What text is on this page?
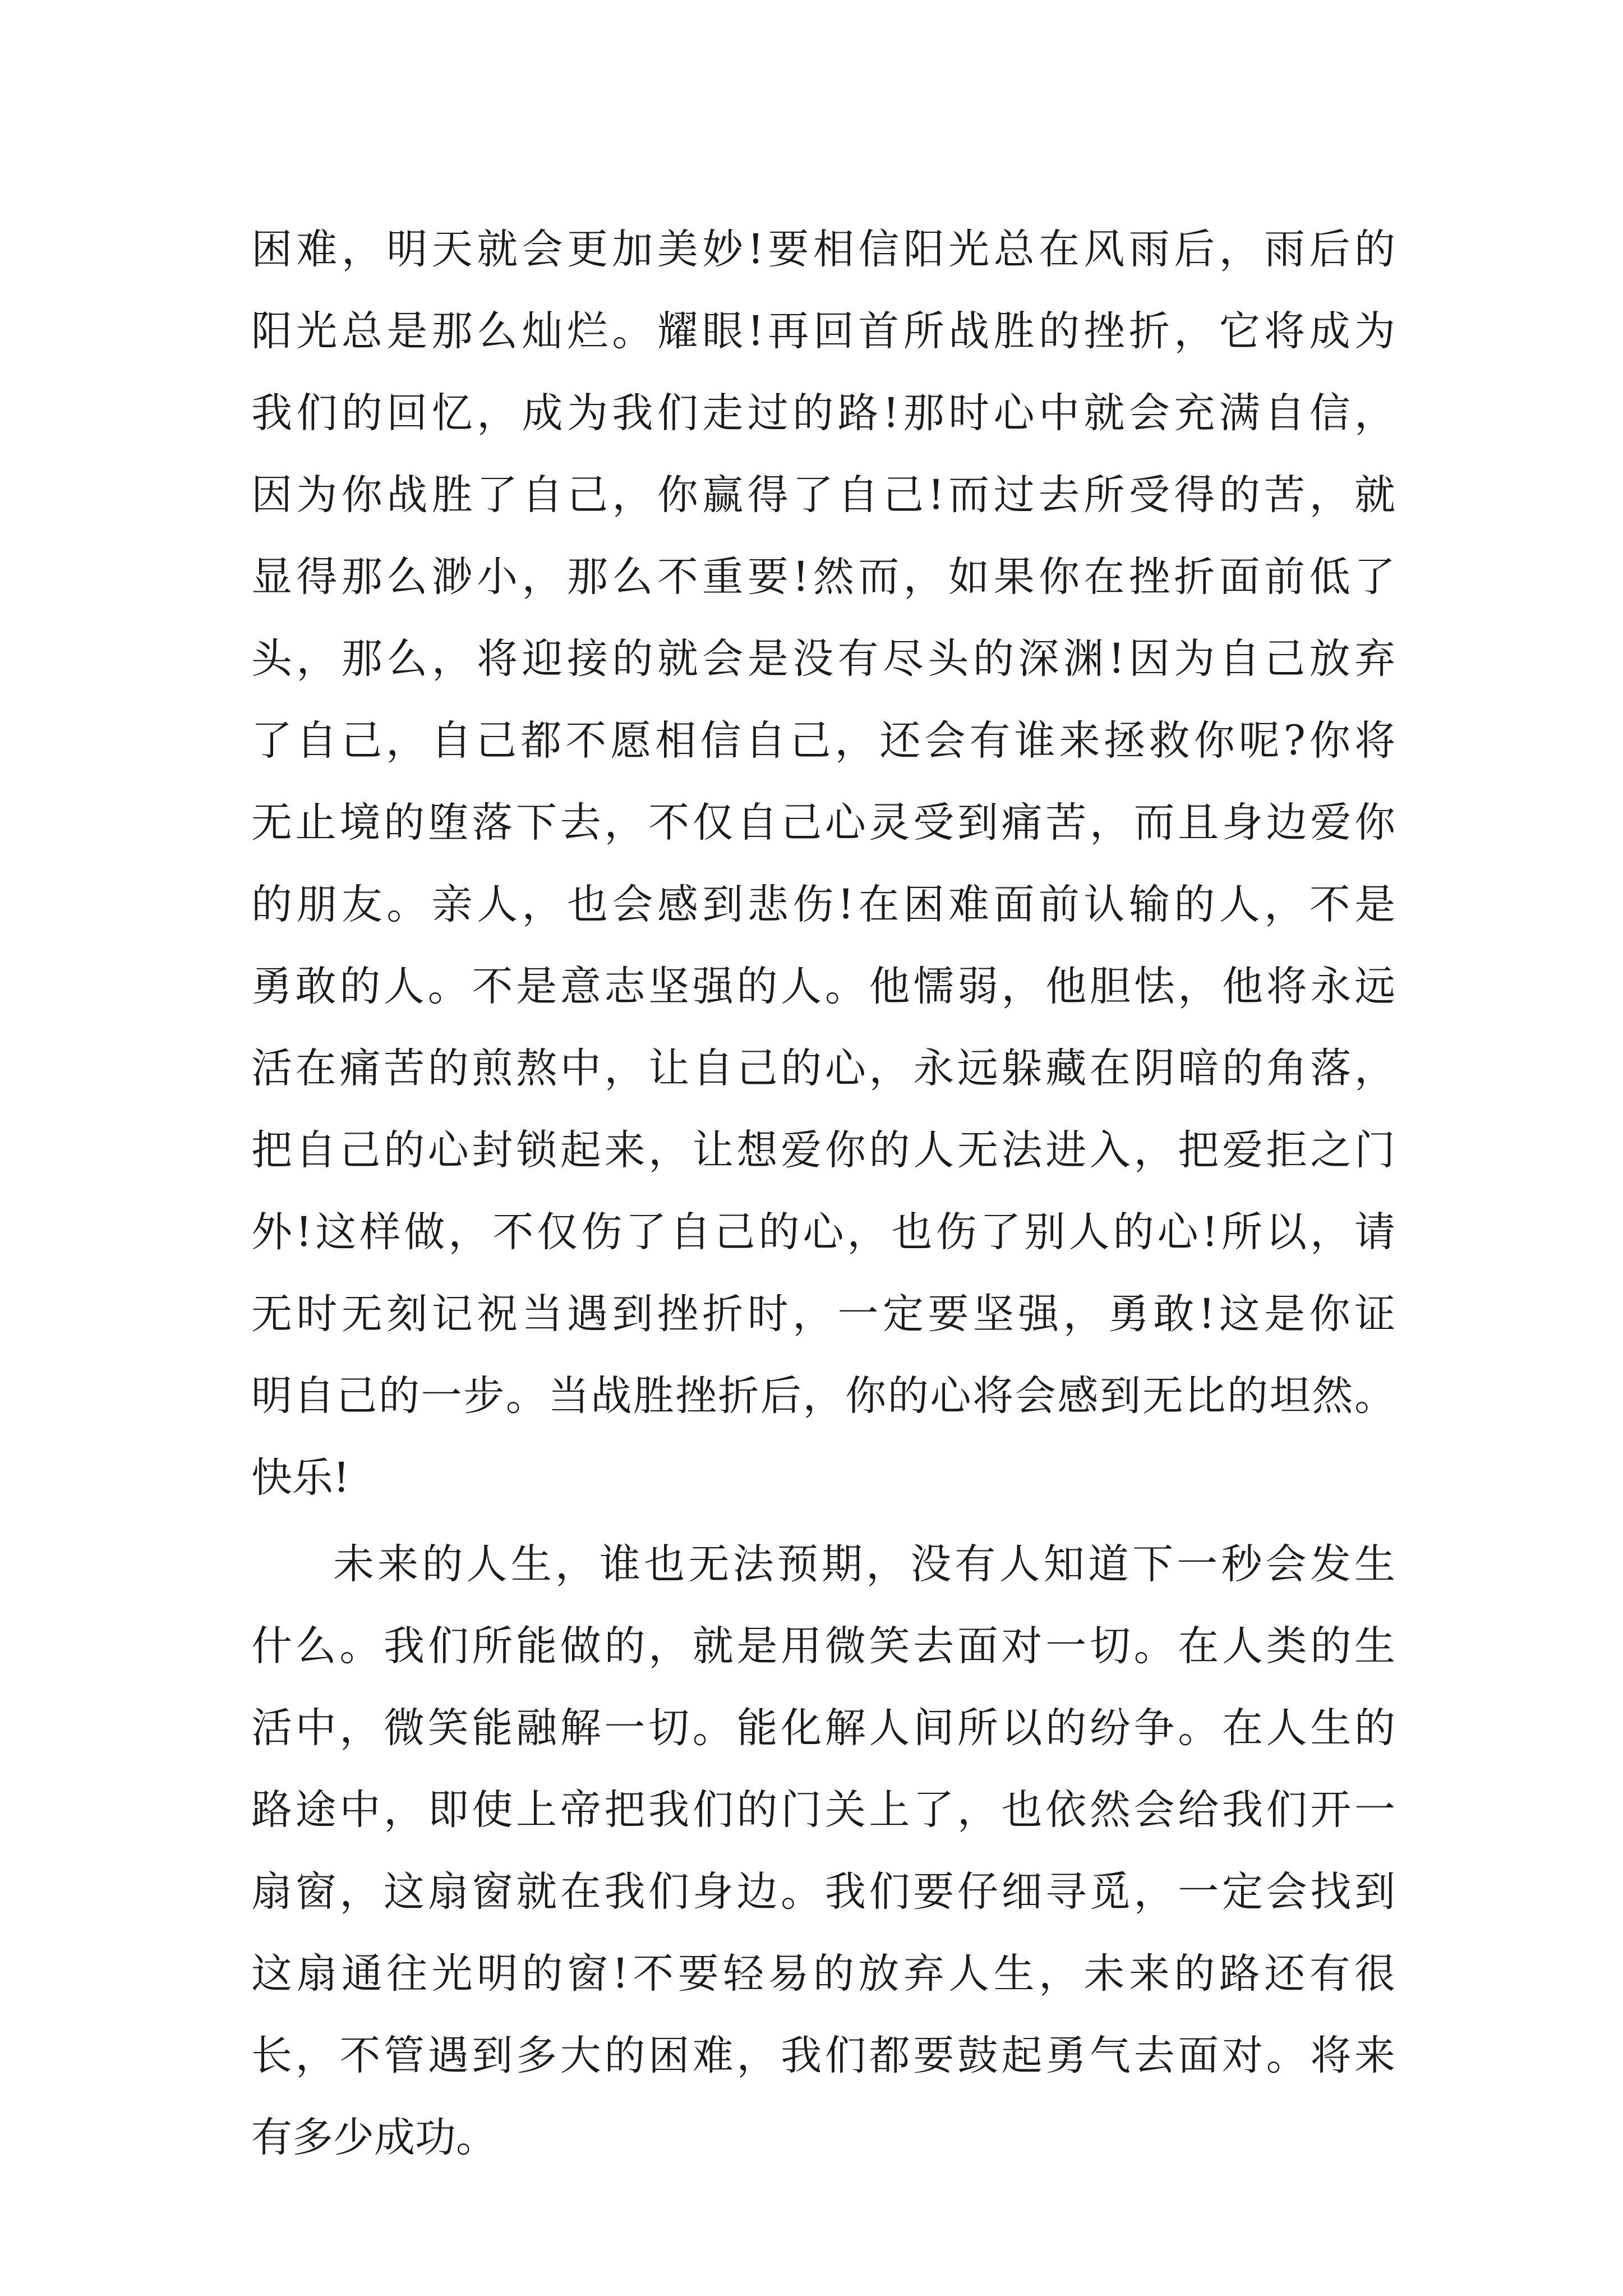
困难，明天就会更加美妙!要相信阳光总在风雨后，雨后的
阳光总是那么灿烂。耀眼!再回首所战胜的挫折，它将成为
我们的回忆，成为我们走过的路!那时心中就会充满自信，
因为你战胜了自己，你赢得了自己!而过去所受得的苦，就
显得那么渺小，那么不重要!然而，如果你在挫折面前低了
头，那么，将迎接的就会是没有尽头的深渊!因为自己放弃
了自己，自己都不愿相信自己，还会有谁来拯救你呢?你将
无止境的堕落下去，不仅自己心灵受到痛苦，而且身边爱你
的朋友。亲人，也会感到悲伤!在困难面前认输的人，不是
勇敢的人。不是意志坚强的人。他懦弱，他胆怯，他将永远
活在痛苦的煎熬中，让自己的心，永远躲藏在阴暗的角落，
把自己的心封锁起来，让想爱你的人无法进入，把爱拒之门
外!这样做，不仅伤了自己的心，也伤了别人的心!所以，请
无时无刻记祝当遇到挫折时，一定要坚强，勇敢!这是你证
明自己的一步。当战胜挫折后，你的心将会感到无比的坦然。
快乐!
未来的人生，谁也无法预期，没有人知道下一秒会发生
什么。我们所能做的，就是用微笑去面对一切。在人类的生
活中，微笑能融解一切。能化解人间所以的纷争。在人生的
路途中，即使上帝把我们的门关上了，也依然会给我们开一
扇窗，这扇窗就在我们身边。我们要仔细寻觅，一定会找到
这扇通往光明的窗!不要轻易的放弃人生，未来的路还有很
长，不管遇到多大的困难，我们都要鼓起勇气去面对。将来
有多少成功。
